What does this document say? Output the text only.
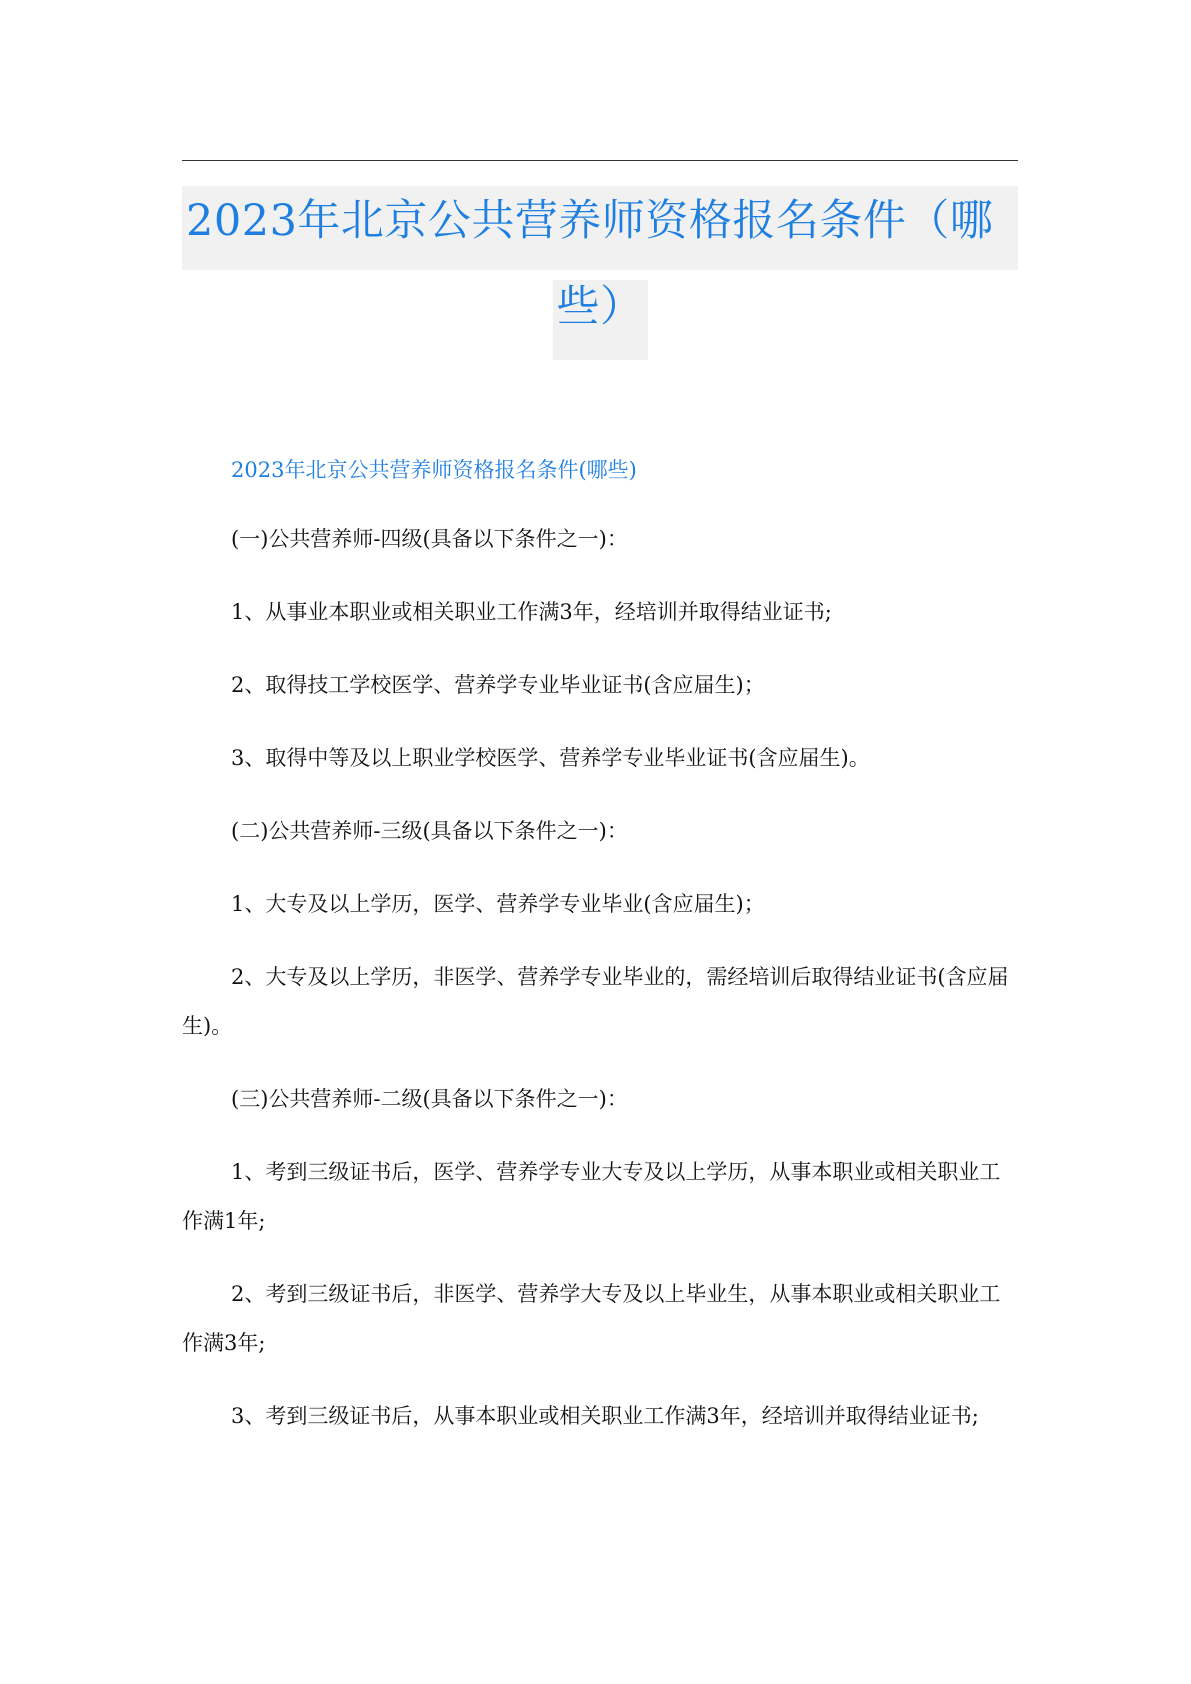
2023年北京公共营养师资格报名条件（哪
些）
2023年北京公共营养师资格报名条件(哪些)
(一)公共营养师-四级(具备以下条件之一)：
1、从事业本职业或相关职业工作满3年，经培训并取得结业证书;
2、取得技工学校医学、营养学专业毕业证书(含应届生)；
3、取得中等及以上职业学校医学、营养学专业毕业证书(含应届生)。
(二)公共营养师-三级(具备以下条件之一)：
1、大专及以上学历，医学、营养学专业毕业(含应届生)；
2、大专及以上学历，非医学、营养学专业毕业的，需经培训后取得结业证书(含应届生)。
(三)公共营养师-二级(具备以下条件之一)：
1、考到三级证书后，医学、营养学专业大专及以上学历，从事本职业或相关职业工作满1年;
2、考到三级证书后，非医学、营养学大专及以上毕业生，从事本职业或相关职业工作满3年;
3、考到三级证书后，从事本职业或相关职业工作满3年，经培训并取得结业证书;
